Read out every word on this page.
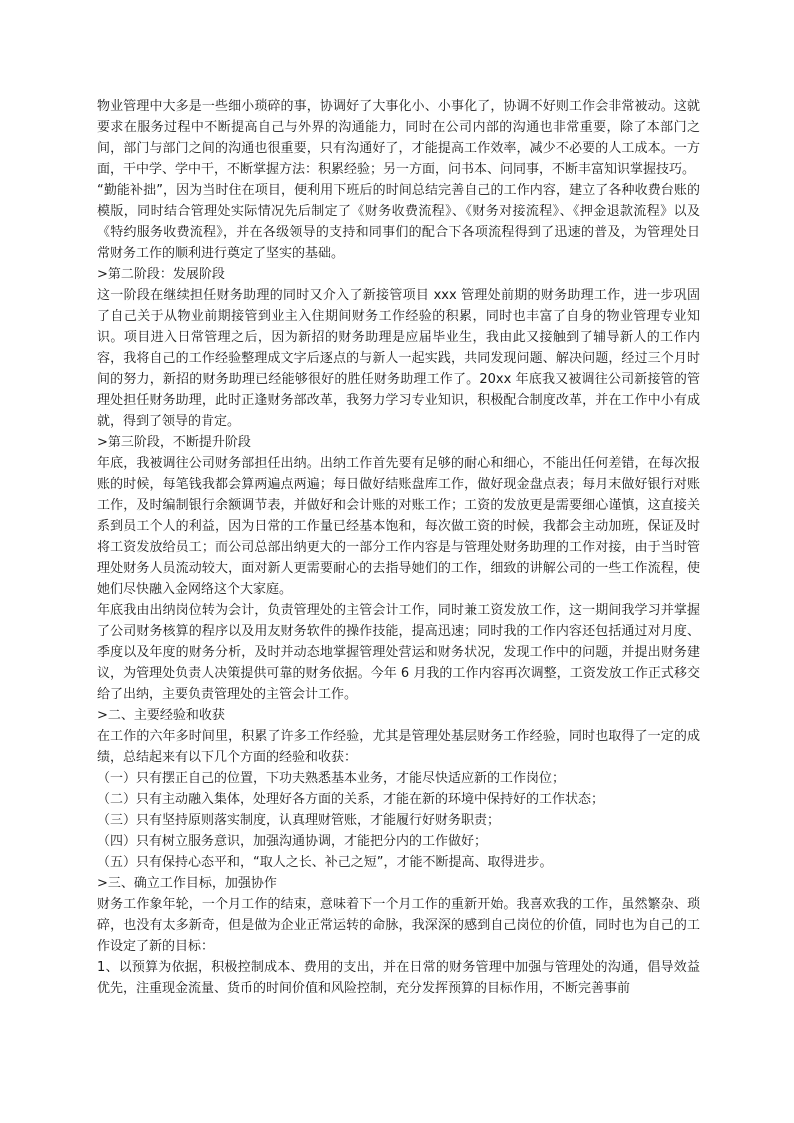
物业管理中大多是一些细小琐碎的事，协调好了大事化小、小事化了，协调不好则工作会非常被动。这就要求在服务过程中不断提高自己与外界的沟通能力，同时在公司内部的沟通也非常重要，除了本部门之间，部门与部门之间的沟通也很重要，只有沟通好了，才能提高工作效率，减少不必要的人工成本。一方面，干中学、学中干，不断掌握方法：积累经验；另一方面，问书本、问同事，不断丰富知识掌握技巧。

“勤能补拙”，因为当时住在项目，便利用下班后的时间总结完善自己的工作内容，建立了各种收费台账的模版，同时结合管理处实际情况先后制定了《财务收费流程》、《财务对接流程》、《押金退款流程》以及《特约服务收费流程》，并在各级领导的支持和同事们的配合下各项流程得到了迅速的普及，为管理处日常财务工作的顺利进行奠定了坚实的基础。

>第二阶段：发展阶段

这一阶段在继续担任财务助理的同时又介入了新接管项目 xxx 管理处前期的财务助理工作，进一步巩固了自己关于从物业前期接管到业主入住期间财务工作经验的积累，同时也丰富了自身的物业管理专业知识。项目进入日常管理之后，因为新招的财务助理是应届毕业生，我由此又接触到了辅导新人的工作内容，我将自己的工作经验整理成文字后逐点的与新人一起实践，共同发现问题、解决问题，经过三个月时间的努力，新招的财务助理已经能够很好的胜任财务助理工作了。20xx 年底我又被调往公司新接管的管理处担任财务助理，此时正逢财务部改革，我努力学习专业知识，积极配合制度改革，并在工作中小有成就，得到了领导的肯定。

>第三阶段，不断提升阶段

年底，我被调往公司财务部担任出纳。出纳工作首先要有足够的耐心和细心，不能出任何差错，在每次报账的时候，每笔钱我都会算两遍点两遍；每日做好结账盘库工作，做好现金盘点表；每月末做好银行对账工作，及时编制银行余额调节表，并做好和会计账的对账工作；工资的发放更是需要细心谨慎，这直接关系到员工个人的利益，因为日常的工作量已经基本饱和，每次做工资的时候，我都会主动加班，保证及时将工资发放给员工；而公司总部出纳更大的一部分工作内容是与管理处财务助理的工作对接，由于当时管理处财务人员流动较大，面对新人更需要耐心的去指导她们的工作，细致的讲解公司的一些工作流程，使她们尽快融入金网络这个大家庭。

年底我由出纳岗位转为会计，负责管理处的主管会计工作，同时兼工资发放工作，这一期间我学习并掌握了公司财务核算的程序以及用友财务软件的操作技能，提高迅速；同时我的工作内容还包括通过对月度、季度以及年度的财务分析，及时并动态地掌握管理处营运和财务状况，发现工作中的问题，并提出财务建议，为管理处负责人决策提供可靠的财务依据。今年 6 月我的工作内容再次调整，工资发放工作正式移交给了出纳，主要负责管理处的主管会计工作。

>二、主要经验和收获

在工作的六年多时间里，积累了许多工作经验，尤其是管理处基层财务工作经验，同时也取得了一定的成绩，总结起来有以下几个方面的经验和收获：

（一）只有摆正自己的位置，下功夫熟悉基本业务，才能尽快适应新的工作岗位；

（二）只有主动融入集体，处理好各方面的关系，才能在新的环境中保持好的工作状态；

（三）只有坚持原则落实制度，认真理财管账，才能履行好财务职责；

（四）只有树立服务意识，加强沟通协调，才能把分内的工作做好；

（五）只有保持心态平和，“取人之长、补己之短”，才能不断提高、取得进步。

>三、确立工作目标，加强协作

财务工作象年轮，一个月工作的结束，意味着下一个月工作的重新开始。我喜欢我的工作，虽然繁杂、琐碎，也没有太多新奇，但是做为企业正常运转的命脉，我深深的感到自己岗位的价值，同时也为自己的工作设定了新的目标：

1、以预算为依据，积极控制成本、费用的支出，并在日常的财务管理中加强与管理处的沟通，倡导效益优先，注重现金流量、货币的时间价值和风险控制，充分发挥预算的目标作用，不断完善事前
